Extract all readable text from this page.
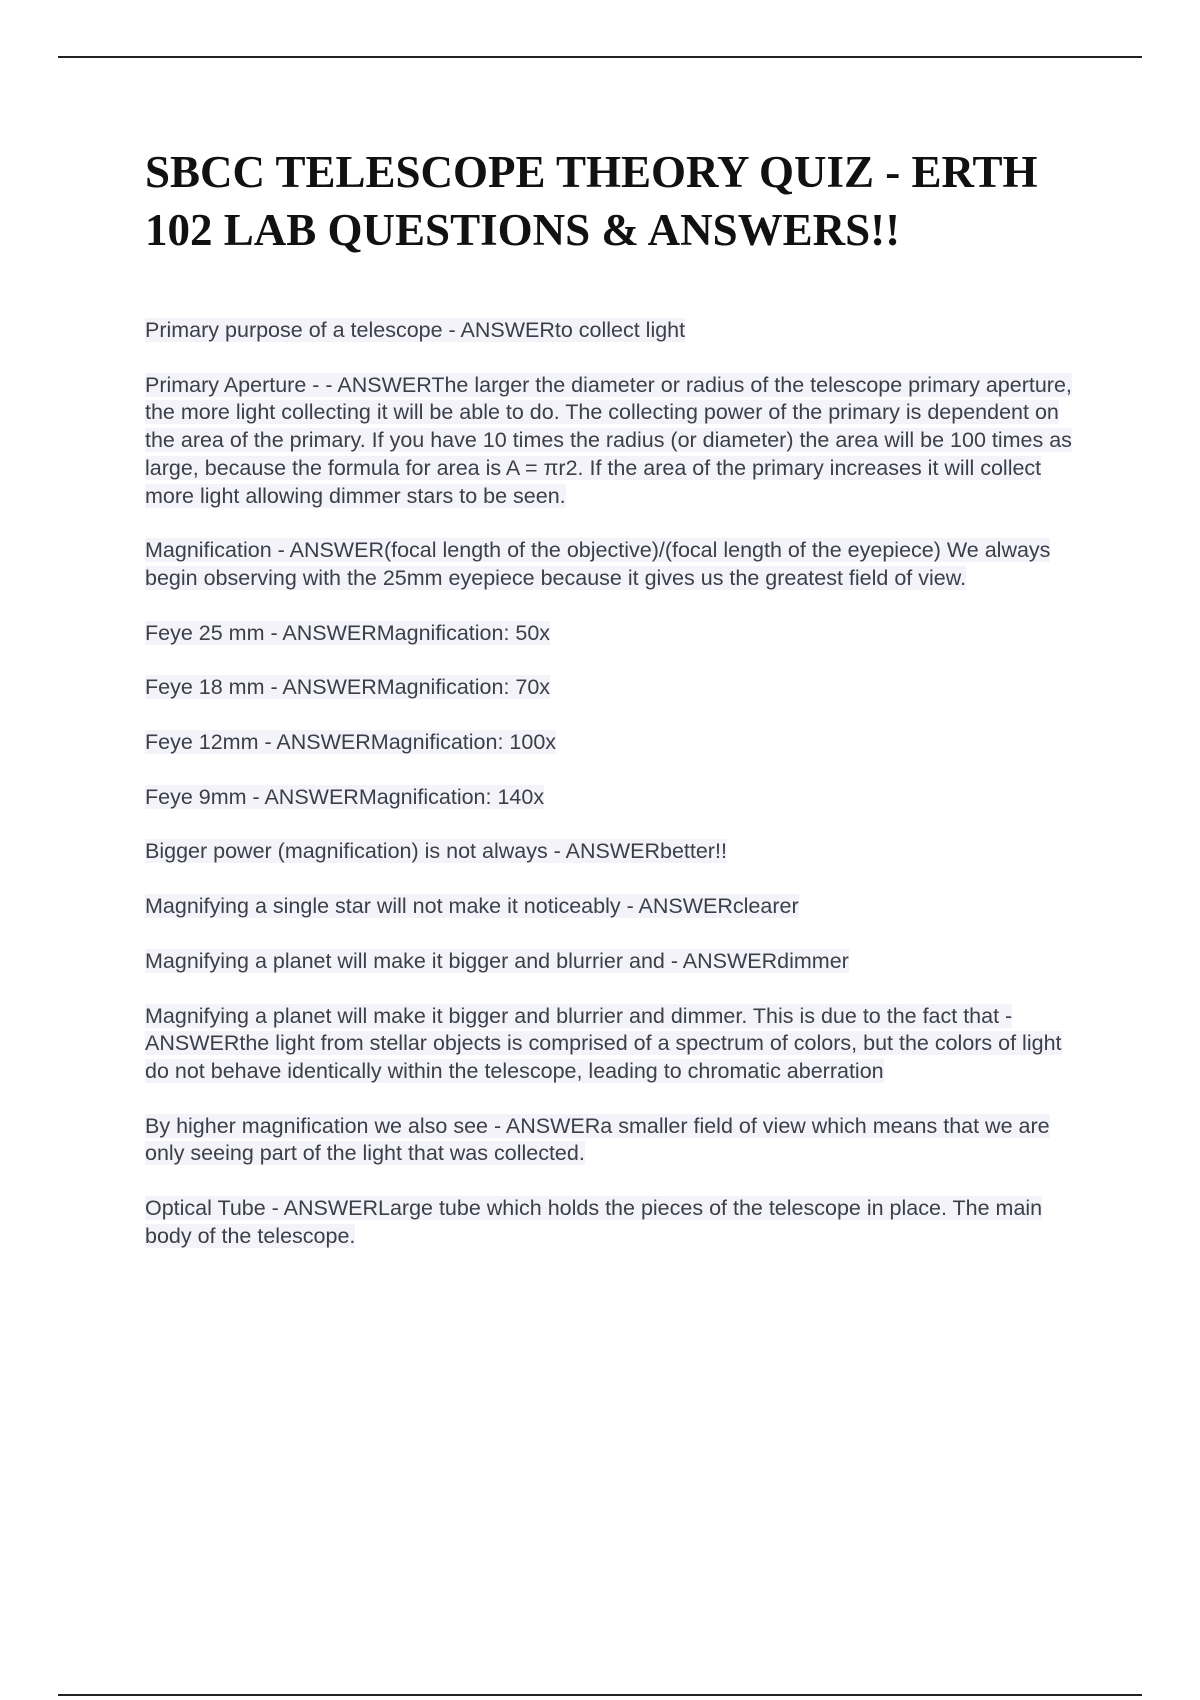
SBCC TELESCOPE THEORY QUIZ - ERTH 102 LAB QUESTIONS & ANSWERS!!

Primary purpose of a telescope - ANSWERto collect light

Primary Aperture - - ANSWERThe larger the diameter or radius of the telescope primary aperture, the more light collecting it will be able to do. The collecting power of the primary is dependent on the area of the primary. If you have 10 times the radius (or diameter) the area will be 100 times as large, because the formula for area is A = πr2. If the area of the primary increases it will collect more light allowing dimmer stars to be seen.

Magnification - ANSWER(focal length of the objective)/(focal length of the eyepiece) We always begin observing with the 25mm eyepiece because it gives us the greatest field of view.

Feye 25 mm - ANSWERMagnification: 50x

Feye 18 mm - ANSWERMagnification: 70x

Feye 12mm - ANSWERMagnification: 100x

Feye 9mm - ANSWERMagnification: 140x

Bigger power (magnification) is not always - ANSWERbetter!!

Magnifying a single star will not make it noticeably - ANSWERclearer

Magnifying a planet will make it bigger and blurrier and - ANSWERdimmer

Magnifying a planet will make it bigger and blurrier and dimmer. This is due to the fact that - ANSWERthe light from stellar objects is comprised of a spectrum of colors, but the colors of light do not behave identically within the telescope, leading to chromatic aberration

By higher magnification we also see - ANSWERa smaller field of view which means that we are only seeing part of the light that was collected.

Optical Tube - ANSWERLarge tube which holds the pieces of the telescope in place. The main body of the telescope.
